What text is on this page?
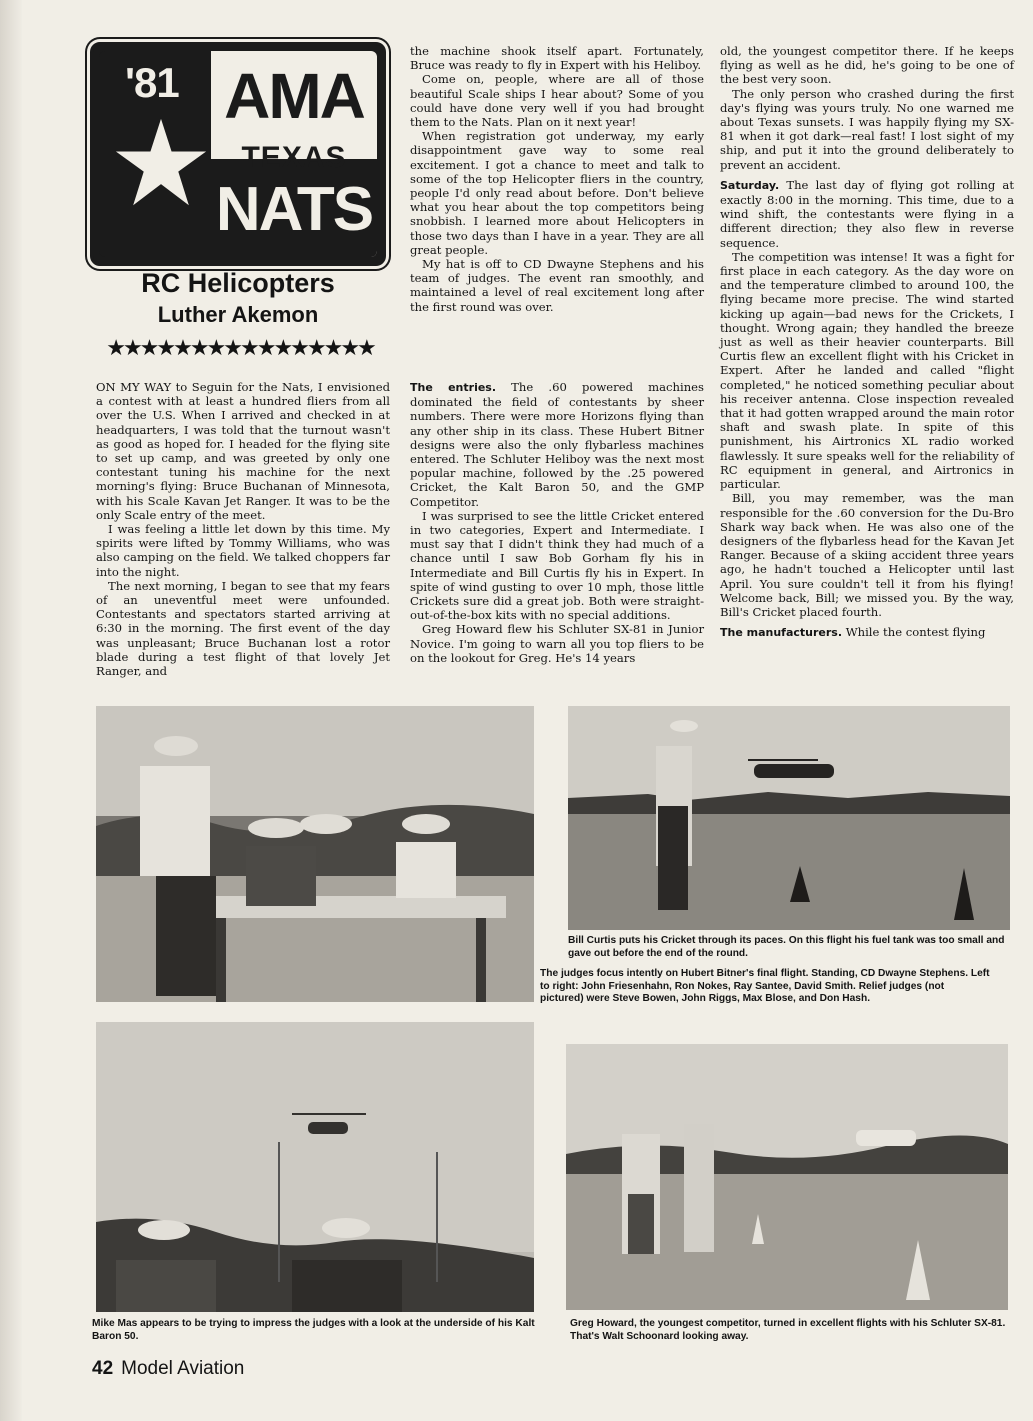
'81 AMA
TEXAS
NATS
RC Helicopters
Luther Akemon
★★★★★★★★★★★★★★★★

ON MY WAY to Seguin for the Nats, I envisioned a contest with at least a hundred fliers from all over the U.S. When I arrived and checked in at headquarters, I was told that the turnout wasn't as good as hoped for. I headed for the flying site to set up camp, and was greeted by only one contestant tuning his machine for the next morning's flying: Bruce Buchanan of Minnesota, with his Scale Kavan Jet Ranger. It was to be the only Scale entry of the meet.

I was feeling a little let down by this time. My spirits were lifted by Tommy Williams, who was also camping on the field. We talked choppers far into the night.

The next morning, I began to see that my fears of an uneventful meet were unfounded. Contestants and spectators started arriving at 6:30 in the morning. The first event of the day was unpleasant; Bruce Buchanan lost a rotor blade during a test flight of that lovely Jet Ranger, and

the machine shook itself apart. Fortunately, Bruce was ready to fly in Expert with his Heliboy.

Come on, people, where are all of those beautiful Scale ships I hear about? Some of you could have done very well if you had brought them to the Nats. Plan on it next year!

When registration got underway, my early disappointment gave way to some real excitement. I got a chance to meet and talk to some of the top Helicopter fliers in the country, people I'd only read about before. Don't believe what you hear about the top competitors being snobbish. I learned more about Helicopters in those two days than I have in a year. They are all great people.

My hat is off to CD Dwayne Stephens and his team of judges. The event ran smoothly, and maintained a level of real excitement long after the first round was over.

The entries. The .60 powered machines dominated the field of contestants by sheer numbers. There were more Horizons flying than any other ship in its class. These Hubert Bitner designs were also the only flybarless machines entered. The Schluter Heliboy was the next most popular machine, followed by the .25 powered Cricket, the Kalt Baron 50, and the GMP Competitor.

I was surprised to see the little Cricket entered in two categories, Expert and Intermediate. I must say that I didn't think they had much of a chance until I saw Bob Gorham fly his in Intermediate and Bill Curtis fly his in Expert. In spite of wind gusting to over 10 mph, those little Crickets sure did a great job. Both were straight-out-of-the-box kits with no special additions.

Greg Howard flew his Schluter SX-81 in Junior Novice. I'm going to warn all you top fliers to be on the lookout for Greg. He's 14 years

old, the youngest competitor there. If he keeps flying as well as he did, he's going to be one of the best very soon.

The only person who crashed during the first day's flying was yours truly. No one warned me about Texas sunsets. I was happily flying my SX-81 when it got dark—real fast! I lost sight of my ship, and put it into the ground deliberately to prevent an accident.

Saturday. The last day of flying got rolling at exactly 8:00 in the morning. This time, due to a wind shift, the contestants were flying in a different direction; they also flew in reverse sequence.

The competition was intense! It was a fight for first place in each category. As the day wore on and the temperature climbed to around 100, the flying became more precise. The wind started kicking up again—bad news for the Crickets, I thought. Wrong again; they handled the breeze just as well as their heavier counterparts. Bill Curtis flew an excellent flight with his Cricket in Expert. After he landed and called "flight completed," he noticed something peculiar about his receiver antenna. Close inspection revealed that it had gotten wrapped around the main rotor shaft and swash plate. In spite of this punishment, his Airtronics XL radio worked flawlessly. It sure speaks well for the reliability of RC equipment in general, and Airtronics in particular.

Bill, you may remember, was the man responsible for the .60 conversion for the Du-Bro Shark way back when. He was also one of the designers of the flybarless head for the Kavan Jet Ranger. Because of a skiing accident three years ago, he hadn't touched a Helicopter until last April. You sure couldn't tell it from his flying! Welcome back, Bill; we missed you. By the way, Bill's Cricket placed fourth.

The manufacturers. While the contest flying

Bill Curtis puts his Cricket through its paces. On this flight his fuel tank was too small and gave out before the end of the round.
The judges focus intently on Hubert Bitner's final flight. Standing, CD Dwayne Stephens. Left to right: John Friesenhahn, Ron Nokes, Ray Santee, David Smith. Relief judges (not pictured) were Steve Bowen, John Riggs, Max Blose, and Don Hash.
Mike Mas appears to be trying to impress the judges with a look at the underside of his Kalt Baron 50.
Greg Howard, the youngest competitor, turned in excellent flights with his Schluter SX-81. That's Walt Schoonard looking away.
42 Model Aviation
